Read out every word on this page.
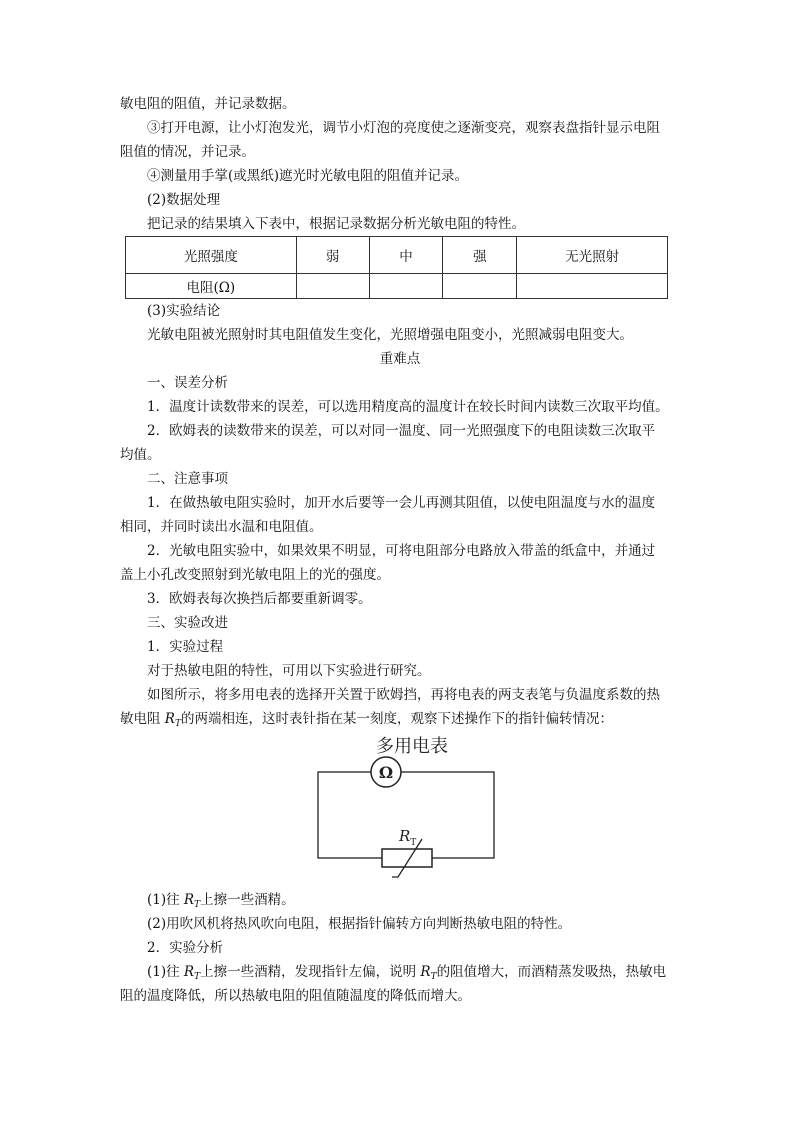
敏电阻的阻值，并记录数据。
③打开电源，让小灯泡发光，调节小灯泡的亮度使之逐渐变亮，观察表盘指针显示电阻
阻值的情况，并记录。
④测量用手掌(或黑纸)遮光时光敏电阻的阻值并记录。
(2)数据处理
把记录的结果填入下表中，根据记录数据分析光敏电阻的特性。
光照强度	弱	中	强	无光照射
电阻(Ω)				
(3)实验结论
光敏电阻被光照射时其电阻值发生变化，光照增强电阻变小，光照减弱电阻变大。
重难点
一、误差分析
1．温度计读数带来的误差，可以选用精度高的温度计在较长时间内读数三次取平均值。
2．欧姆表的读数带来的误差，可以对同一温度、同一光照强度下的电阻读数三次取平
均值。
二、注意事项
1．在做热敏电阻实验时，加开水后要等一会儿再测其阻值，以使电阻温度与水的温度
相同，并同时读出水温和电阻值。
2．光敏电阻实验中，如果效果不明显，可将电阻部分电路放入带盖的纸盒中，并通过
盖上小孔改变照射到光敏电阻上的光的强度。
3．欧姆表每次换挡后都要重新调零。
三、实验改进
1．实验过程
对于热敏电阻的特性，可用以下实验进行研究。
如图所示，将多用电表的选择开关置于欧姆挡，再将电表的两支表笔与负温度系数的热
敏电阻 $R_T$的两端相连，这时表针指在某一刻度，观察下述操作下的指针偏转情况：
多用电表
Ω
$R_T$
(1)往 $R_T$上擦一些酒精。
(2)用吹风机将热风吹向电阻，根据指针偏转方向判断热敏电阻的特性。
2．实验分析
(1)往 $R_T$上擦一些酒精，发现指针左偏，说明 $R_T$的阻值增大，而酒精蒸发吸热，热敏电
阻的温度降低，所以热敏电阻的阻值随温度的降低而增大。
